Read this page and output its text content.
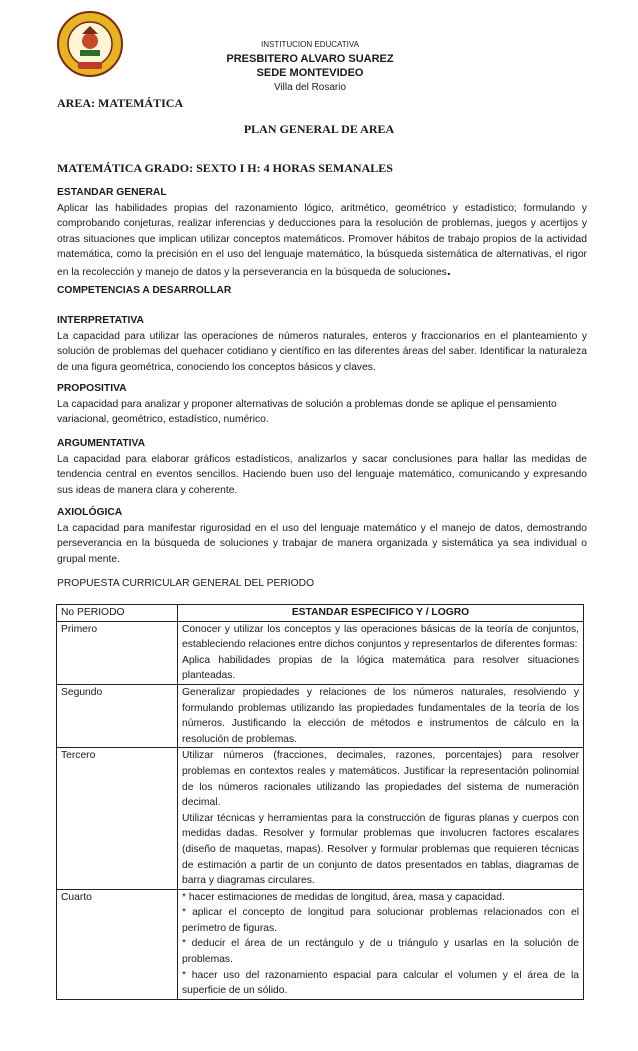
INSTITUCION EDUCATIVA
PRESBITERO ALVARO SUAREZ
SEDE MONTEVIDEO
Villa del Rosario
AREA: MATEMÁTICA
PLAN GENERAL DE AREA
MATEMÁTICA GRADO: SEXTO I H: 4 HORAS SEMANALES
ESTANDAR GENERAL
Aplicar las habilidades propias del razonamiento lógico, aritmético, geométrico y estadístico; formulando y comprobando conjeturas, realizar inferencias y deducciones para la resolución de problemas, juegos y acertijos y otras situaciones que implican utilizar conceptos matemáticos. Promover hábitos de trabajo propios de la actividad matemática, como la precisión en el uso del lenguaje matemático, la búsqueda sistemática de alternativas, el rigor en la recolección y manejo de datos y la perseverancia en la búsqueda de soluciones.
COMPETENCIAS A DESARROLLAR
INTERPRETATIVA
La capacidad para utilizar las operaciones de números naturales, enteros y fraccionarios en el planteamiento y solución de problemas del quehacer cotidiano y científico en las diferentes áreas del saber. Identificar la naturaleza de una figura geométrica, conociendo los conceptos básicos y claves.
PROPOSITIVA
La capacidad para analizar y proponer alternativas de solución a problemas donde se aplique el pensamiento variacional, geométrico, estadístico, numérico.
ARGUMENTATIVA
La capacidad para elaborar gráficos estadísticos, analizarlos y sacar conclusiones para hallar las medidas de tendencia central en eventos sencillos. Haciendo buen uso del lenguaje matemático, comunicando y expresando sus ideas de manera clara y coherente.
AXIOLÓGICA
La capacidad para manifestar rigurosidad en el uso del lenguaje matemático y el manejo de datos, demostrando perseverancia en la búsqueda de soluciones y trabajar de manera organizada y sistemática ya sea individual o grupal mente.
PROPUESTA CURRICULAR GENERAL DEL PERIODO
No PERIODO	ESTANDAR ESPECIFICO Y / LOGRO
Primero	Conocer y utilizar los conceptos y las operaciones básicas de la teoría de conjuntos, estableciendo relaciones entre dichos conjuntos y representarlos de diferentes formas:
Aplica habilidades propias de la lógica matemática para resolver situaciones planteadas.

Segundo	Generalizar propiedades y relaciones de los números naturales, resolviendo y formulando problemas utilizando las propiedades fundamentales de la teoría de los números. Justificando la elección de métodos e instrumentos de cálculo en la resolución de problemas.

Tercero	Utilizar números (fracciones, decimales, razones, porcentajes) para resolver problemas en contextos reales y matemáticos. Justificar la representación polinomial de los números racionales utilizando las propiedades del sistema de numeración decimal.
Utilizar técnicas y herramientas para la construcción de figuras planas y cuerpos con medidas dadas. Resolver y formular problemas que involucren factores escalares (diseño de maquetas, mapas). Resolver y formular problemas que requieren técnicas de estimación a partir de un conjunto de datos presentados en tablas, diagramas de barra y diagramas circulares.

Cuarto	* hacer estimaciones de medidas de longitud, área, masa y capacidad.
* aplicar el concepto de longitud para solucionar problemas relacionados con el perímetro de figuras.
* deducir el área de un rectángulo y de u triángulo y usarlas en la solución de problemas.
* hacer uso del razonamiento espacial para calcular el volumen y el área de la superficie de un sólido.
